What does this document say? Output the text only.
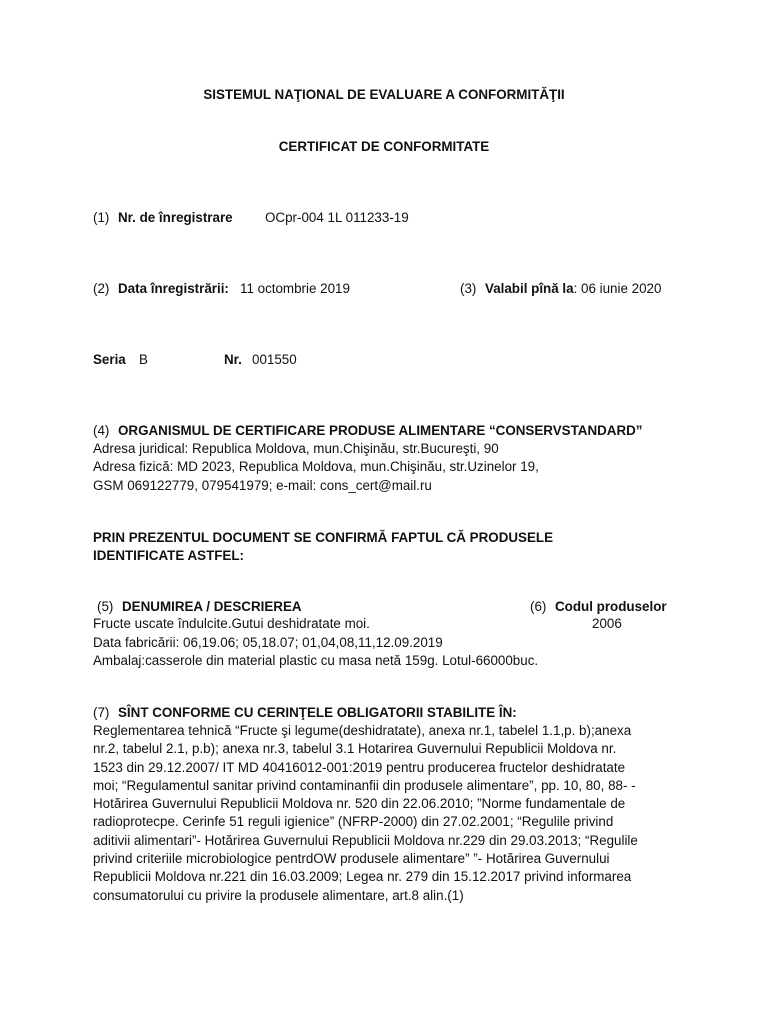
SISTEMUL NAŢIONAL DE EVALUARE A CONFORMITĂŢII
CERTIFICAT DE CONFORMITATE
(1) Nr. de înregistrare OCpr-004 1L 011233-19
(2) Data înregistrării: 11 octombrie 2019	(3) Valabil pînă la: 06 iunie 2020
Seria B	Nr. 001550
(4) ORGANISMUL DE CERTIFICARE PRODUSE ALIMENTARE “CONSERVSTANDARD”
Adresa juridical: Republica Moldova, mun.Chişinău, str.Bucureşti, 90
Adresa fizică: MD 2023, Republica Moldova, mun.Chişinău, str.Uzinelor 19,
GSM 069122779, 079541979; e-mail: cons_cert@mail.ru
PRIN PREZENTUL DOCUMENT SE CONFIRMĂ FAPTUL CĂ PRODUSELE
IDENTIFICATE ASTFEL:
(5) DENUMIREA / DESCRIEREA	(6) Codul produselor
Fructe uscate îndulcite.Gutui deshidratate moi.	2006
Data fabricării: 06,19.06; 05,18.07; 01,04,08,11,12.09.2019
Ambalaj:casserole din material plastic cu masa netă 159g. Lotul-66000buc.
(7) SÎNT CONFORME CU CERINŢELE OBLIGATORII STABILITE ÎN:
Reglementarea tehnică “Fructe şi legume(deshidratate), anexa nr.1, tabelel 1.1,p. b);anexa
nr.2, tabelul 2.1, p.b); anexa nr.3, tabelul 3.1 Hotarirea Guvernului Republicii Moldova nr.
1523 din 29.12.2007/ IT MD 40416012-001:2019 pentru producerea fructelor deshidratate
moi; “Regulamentul sanitar privind contaminanfii din produsele alimentare”, pp. 10, 80, 88- -
Hotărirea Guvernului Republicii Moldova nr. 520 din 22.06.2010; ”Norme fundamentale de
radioprotecpe. Cerinfe 51 reguli igienice” (NFRP-2000) din 27.02.2001; “Regulile privind
aditivii alimentari”- Hotărirea Guvernului Republicii Moldova nr.229 din 29.03.2013; “Regulile
privind criteriile microbiologice pentrdOW produsele alimentare” ”- Hotărirea Guvernului
Republicii Moldova nr.221 din 16.03.2009; Legea nr. 279 din 15.12.2017 privind informarea
consumatorului cu privire la produsele alimentare, art.8 alin.(1)
